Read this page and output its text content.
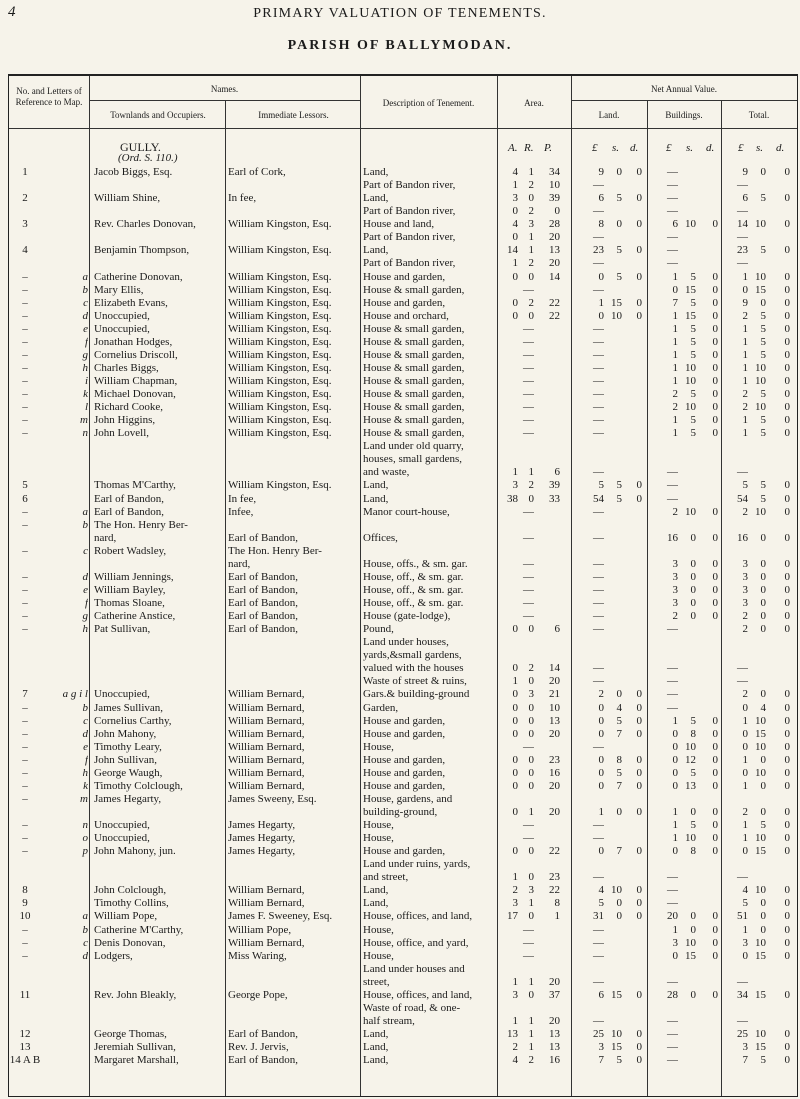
4	PRIMARY VALUATION OF TENEMENTS.
PARISH OF BALLYMODAN.
No. and Letters of Reference to Map.
Names.
Townlands and Occupiers.	Immediate Lessors.
Description of Tenement.	Area.
Net Annual Value.
Land.	Buildings.	Total.
GULLY.
(Ord. S. 110.)
A. R. P.	£ s. d.	£ s. d. £ s. d.
1	Jacob Biggs, Esq.	Earl of Cork,	Land,	4 1	34	9	0	0	—	9	0	0
Part of Bandon river,	1 2	10	—	—	—
2	William Shine,	In fee,	Land,	3 0	39	6	5	0	—	6	5	0
Part of Bandon river,	0 2	0	—	—	—
3	Rev. Charles Donovan,	William Kingston, Esq.	House and land,	4 3	28	8	0	0	6 10	0	14 10	0
Part of Bandon river,	0 1	20	—	—	—
4	Benjamin Thompson,	William Kingston, Esq.	Land,	14 1	13	23	5	0	—	23	5	0
Part of Bandon river,	1 2	20	—	—	—
–	a Catherine Donovan,	William Kingston, Esq.	House and garden,	0 0	14	0	5	0	1	5	0	1 10	0
–	b Mary Ellis,	William Kingston, Esq.	House & small garden,	—	—	0 15	0	0 15	0
–	c Elizabeth Evans,	William Kingston, Esq.	House and garden,	0 2	22	1 15	0	7	5	0	9	0	0
–	d Unoccupied,	William Kingston, Esq.	House and orchard,	0 0	22	0 10	0	1 15	0	2	5	0
–	e Unoccupied,	William Kingston, Esq.	House & small garden,	—	—	1	5	0	1	5	0
–	f Jonathan Hodges,	William Kingston, Esq.	House & small garden,	—	—	1	5	0	1	5	0
–	g Cornelius Driscoll,	William Kingston, Esq.	House & small garden,	—	—	1	5	0	1	5	0
–	h Charles Biggs,	William Kingston, Esq.	House & small garden,	—	—	1 10	0	1 10	0
–	i William Chapman,	William Kingston, Esq.	House & small garden,	—	—	1 10	0	1 10	0
–	k Michael Donovan,	William Kingston, Esq.	House & small garden,	—	—	2	5	0	2	5	0
–	l Richard Cooke,	William Kingston, Esq.	House & small garden,	—	—	2 10	0	2 10	0
–	m John Higgins,	William Kingston, Esq.	House & small garden,	—	—	1	5	0	1	5	0
–	n John Lovell,	William Kingston, Esq.	House & small garden,	—	—	1	5	0	1	5	0
Land under old quarry,
houses, small gardens,
and waste,	1 1	6	—	—	—
5	Thomas M'Carthy,	William Kingston, Esq.	Land,	3 2	39	5	5	0	—	5	5	0
6	Earl of Bandon,	In fee,	Land,	38 0	33	54	5	0	—	54	5	0
–	a Earl of Bandon,	Infee,	Manor court-house,	—	—	2 10	0	2 10	0
–	b The Hon. Henry Ber-
nard,	Earl of Bandon,	Offices,	—	—	16	0	0	16	0	0
–	c Robert Wadsley,	The Hon. Henry Ber-
nard,	House, offs., & sm. gar.	—	—	3	0	0	3	0	0
–	d William Jennings,	Earl of Bandon,	House, off., & sm. gar.	—	—	3	0	0	3	0	0
–	e William Bayley,	Earl of Bandon,	House, off., & sm. gar.	—	—	3	0	0	3	0	0
–	f Thomas Sloane,	Earl of Bandon,	House, off., & sm. gar.	—	—	3	0	0	3	0	0
–	g Catherine Anstice,	Earl of Bandon,	House (gate-lodge),	—	—	2	0	0	2	0	0
–	h Pat Sullivan,	Earl of Bandon,	Pound,	0 0	6	—	—	2	0	0
Land under houses,
yards,&small gardens,
valued with the houses	0 2	14	—	—	—
Waste of street & ruins,	1 0	20	—	—	—
7	a g i l Unoccupied,	William Bernard,	Gars.& building-ground	0 3	21	2	0	0	—	2	0	0
–	b James Sullivan,	William Bernard,	Garden,	0 0	10	0	4	0	—	0	4	0
–	c Cornelius Carthy,	William Bernard,	House and garden,	0 0	13	0	5	0	1	5	0	1 10	0
–	d John Mahony,	William Bernard,	House and garden,	0 0	20	0	7	0	0	8	0	0 15	0
–	e Timothy Leary,	William Bernard,	House,	—	—	0 10	0	0 10	0
–	f John Sullivan,	William Bernard,	House and garden,	0 0	23	0	8	0	0 12	0	1	0	0
–	h George Waugh,	William Bernard,	House and garden,	0 0	16	0	5	0	0	5	0	0 10	0
–	k Timothy Colclough,	William Bernard,	House and garden,	0 0	20	0	7	0	0 13	0	1	0	0
–	m James Hegarty,	James Sweeny, Esq.	House, gardens, and
building-ground,	0 1	20	1	0	0	1	0	0	2	0	0
–	n Unoccupied,	James Hegarty,	House,	—	—	1	5	0	1	5	0
–	o Unoccupied,	James Hegarty,	House,	—	—	1 10	0	1 10	0
–	p John Mahony, jun.	James Hegarty,	House and garden,	0 0	22	0	7	0	0	8	0	0 15	0
Land under ruins, yards,
and street,	1 0	23	—	—	—
8	John Colclough,	William Bernard,	Land,	2 3	22	4 10	0	—	4 10	0
9	Timothy Collins,	William Bernard,	Land,	3 1	8	5	0	0	—	5	0	0
10	a William Pope,	James F. Sweeney, Esq.	House, offices, and land,	17 0	1	31	0	0	20	0	0	51	0	0
–	b Catherine M'Carthy,	William Pope,	House,	—	—	1	0	0	1	0	0
–	c Denis Donovan,	William Bernard,	House, office, and yard,	—	—	3 10	0	3 10	0
–	d Lodgers,	Miss Waring,	House,	—	—	0 15	0	0 15	0
Land under houses and
street,	1 1	20	—	—	—
11	Rev. John Bleakly,	George Pope,	House, offices, and land,	3 0	37	6 15	0	28	0	0	34 15	0
Waste of road, & one-
half stream,	1 1	20	—	—	—
12	George Thomas,	Earl of Bandon,	Land,	13 1	13	25 10	0	—	25 10	0
13	Jeremiah Sullivan,	Rev. J. Jervis,	Land,	2 1	13	3 15	0	—	3 15	0
14 A B	Margaret Marshall,	Earl of Bandon,	Land,	4 2	16	7	5	0	—	7	5	0
